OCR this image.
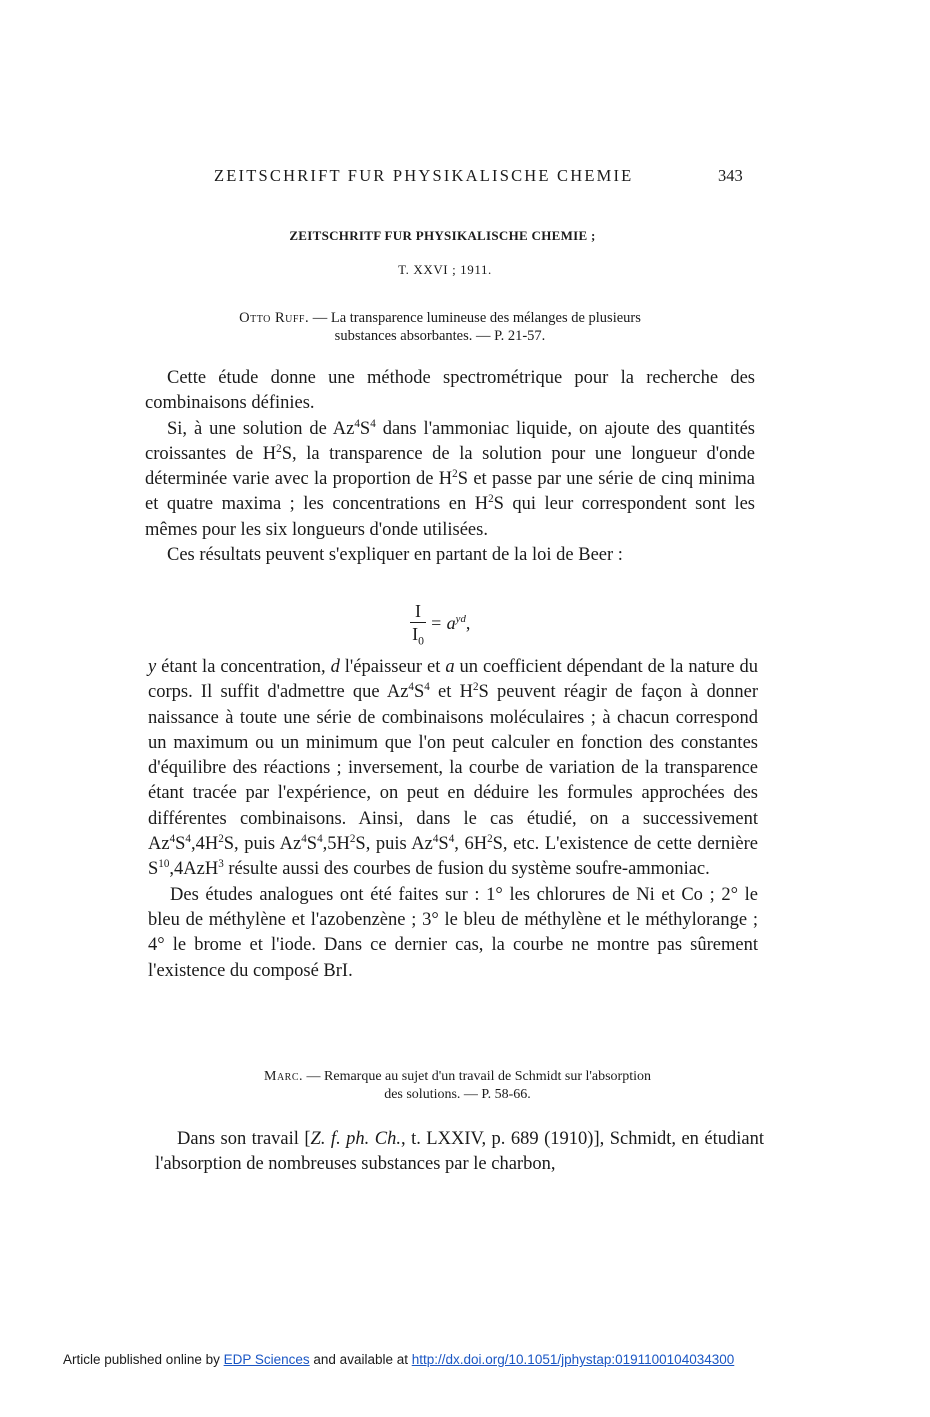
ZEITSCHRIFT FUR PHYSIKALISCHE CHEMIE	343
ZEITSCHRITF FUR PHYSIKALISCHE CHEMIE ;
T. XXVI ; 1911.
Otto Ruff. — La transparence lumineuse des mélanges de plusieurs
substances absorbantes. — P. 21-57.

Cette étude donne une méthode spectrométrique pour la recherche des combinaisons définies.

Si, à une solution de $Az^4S^4$ dans l'ammoniac liquide, on ajoute des quantités croissantes de $H^2S$, la transparence de la solution pour une longueur d'onde déterminée varie avec la proportion de $H^2S$ et passe par une série de cinq minima et quatre maxima ; les concentrations en $H^2S$ qui leur correspondent sont les mêmes pour les six longueurs d'onde utilisées.

Ces résultats peuvent s'expliquer en partant de la loi de Beer :

I
$I_0$
= $a^{yd}$,

y étant la concentration, d l'épaisseur et a un coefficient dépendant de la nature du corps. Il suffit d'admettre que $Az^4S^4$ et $H^2S$ peuvent réagir de façon à donner naissance à toute une série de combinaisons moléculaires ; à chacun correspond un maximum ou un minimum que l'on peut calculer en fonction des constantes d'équilibre des réactions ; inversement, la courbe de variation de la transparence étant tracée par l'expérience, on peut en déduire les formules approchées des différentes combinaisons. Ainsi, dans le cas étudié, on a successivement $Az^4S^4,4H^2S$, puis $Az^4S^4,5H^2S$, puis $Az^4S^4$, $6H^2S$, etc. L'existence de cette dernière $S^{10},4AzH^3$ résulte aussi des courbes de fusion du système soufre-ammoniac.

Des études analogues ont été faites sur : 1° les chlorures de Ni et Co ; 2° le bleu de méthylène et l'azobenzène ; 3° le bleu de méthylène et le méthylorange ; 4° le brome et l'iode. Dans ce dernier cas, la courbe ne montre pas sûrement l'existence du composé BrI.

Marc. — Remarque au sujet d'un travail de Schmidt sur l'absorption
des solutions. — P. 58-66.

Dans son travail [Z. f. ph. Ch., t. LXXIV, p. 689 (1910)], Schmidt, en étudiant l'absorption de nombreuses substances par le charbon,

Article published online by EDP Sciences and available at http://dx.doi.org/10.1051/jphystap:0191100104034300
